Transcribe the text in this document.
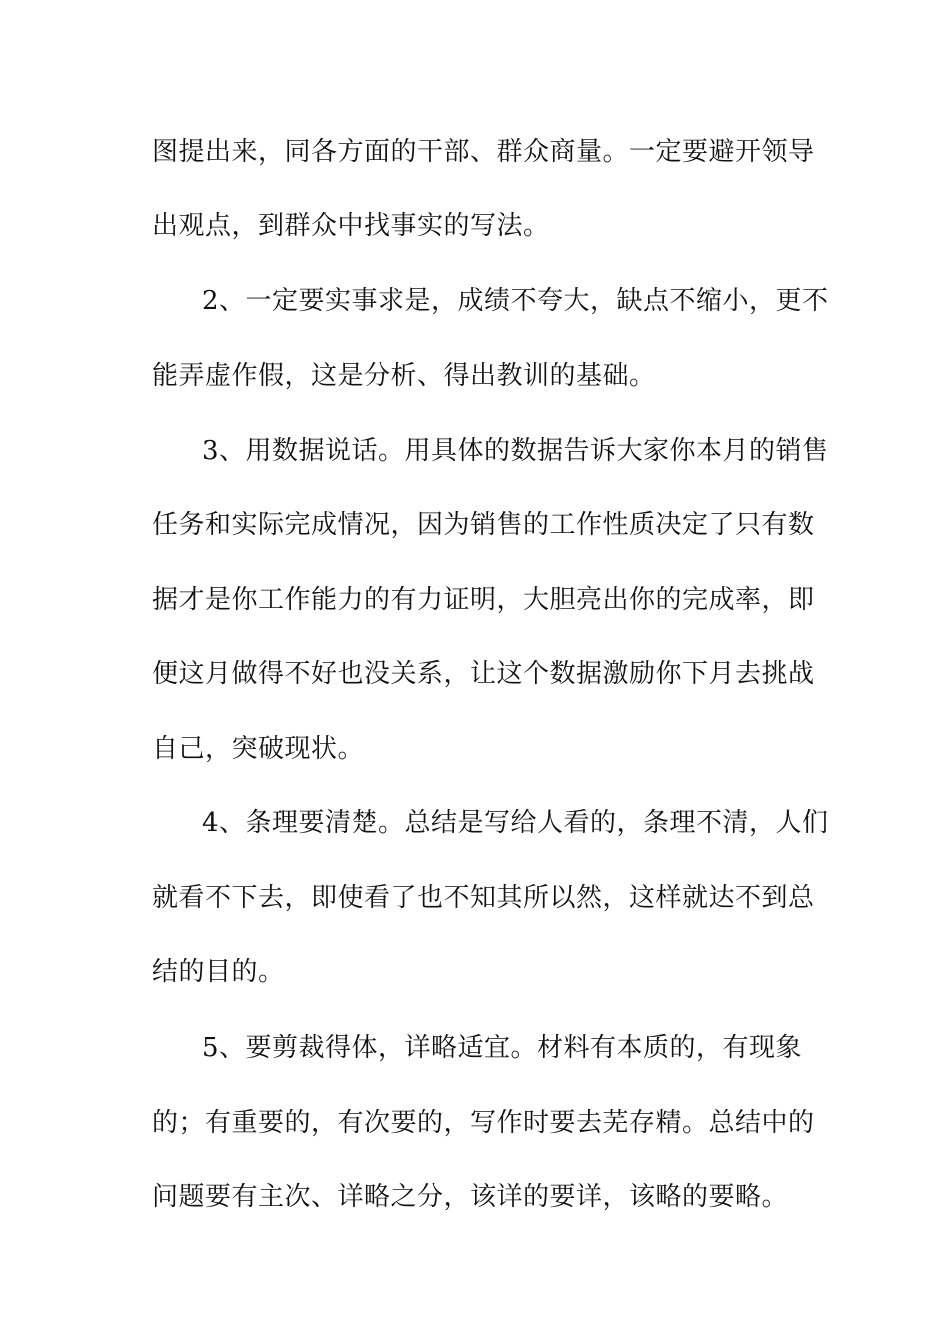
图提出来，同各方面的干部、群众商量。一定要避开领导
出观点，到群众中找事实的写法。
2、一定要实事求是，成绩不夸大，缺点不缩小，更不
能弄虚作假，这是分析、得出教训的基础。
3、用数据说话。用具体的数据告诉大家你本月的销售
任务和实际完成情况，因为销售的工作性质决定了只有数
据才是你工作能力的有力证明，大胆亮出你的完成率，即
便这月做得不好也没关系，让这个数据激励你下月去挑战
自己，突破现状。
4、条理要清楚。总结是写给人看的，条理不清，人们
就看不下去，即使看了也不知其所以然，这样就达不到总
结的目的。
5、要剪裁得体，详略适宜。材料有本质的，有现象
的；有重要的，有次要的，写作时要去芜存精。总结中的
问题要有主次、详略之分，该详的要详，该略的要略。
